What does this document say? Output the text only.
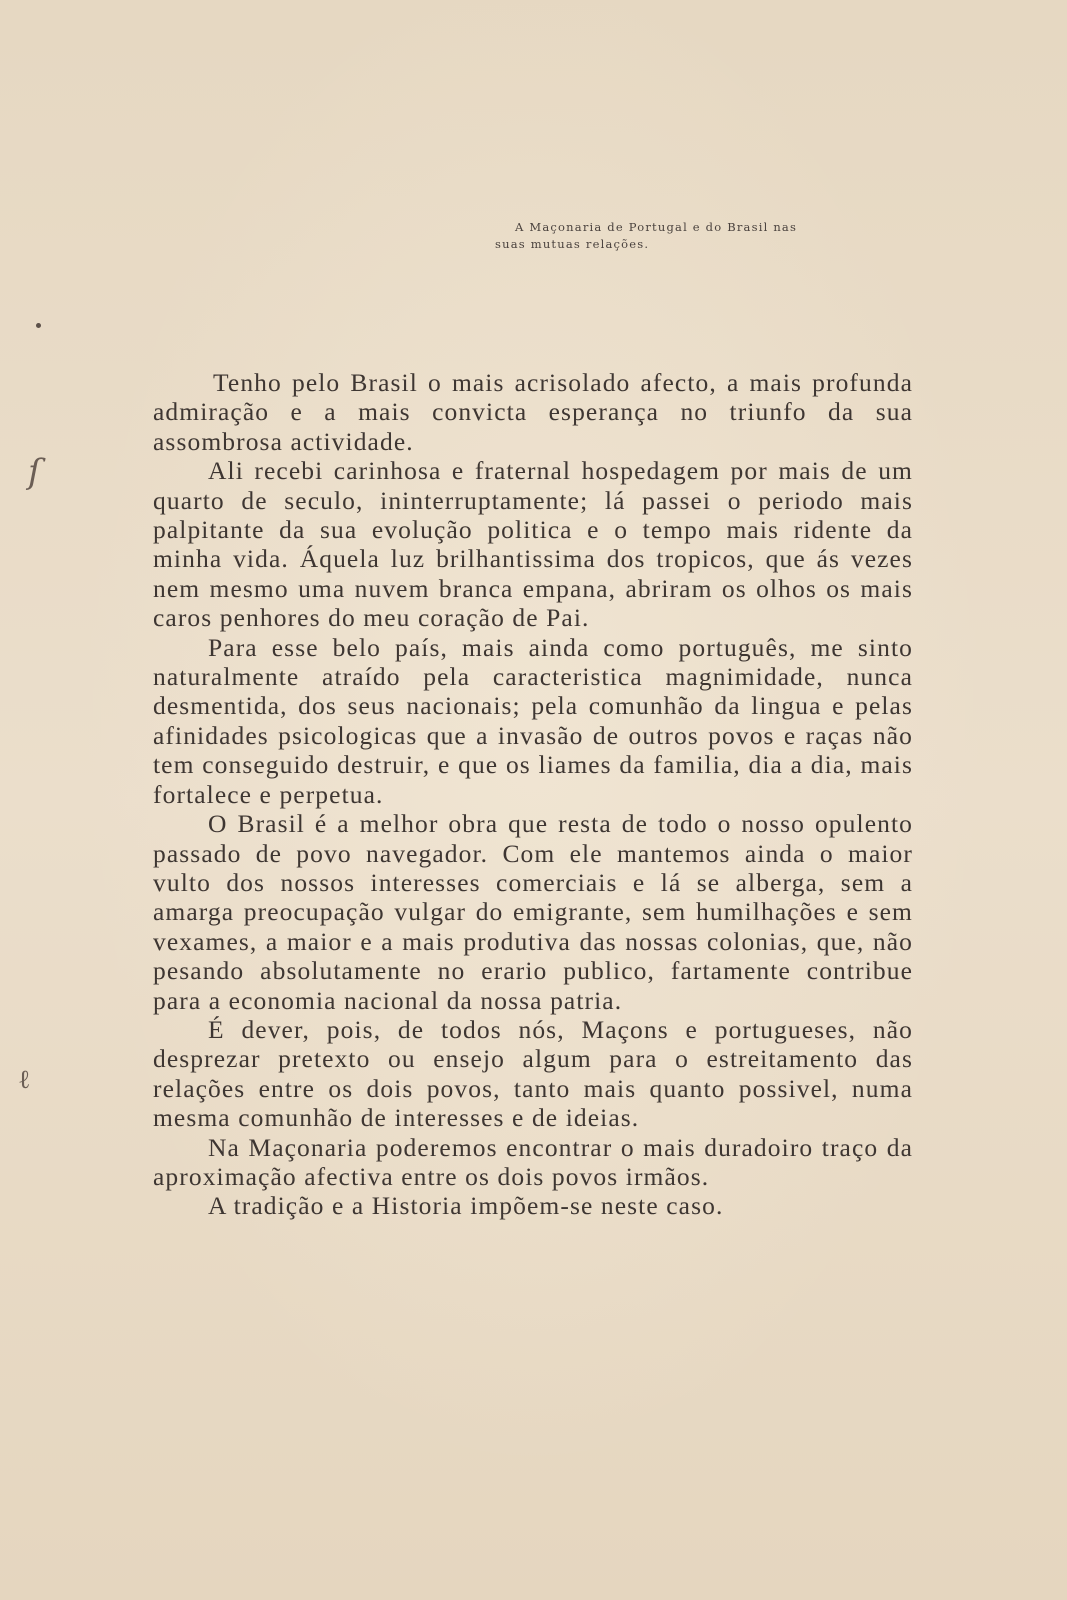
A Maçonaria de Portugal e do Brasil nas
suas mutuas relações.
ſ
ℓ

Tenho pelo Brasil o mais acrisolado afecto, a mais profunda admiração e a mais convicta esperança no triunfo da sua assombrosa actividade.

Ali recebi carinhosa e fraternal hospedagem por mais de um quarto de seculo, ininterruptamente; lá passei o periodo mais palpitante da sua evolução politica e o tempo mais ridente da minha vida. Áquela luz brilhantissima dos tropicos, que ás vezes nem mesmo uma nuvem branca empana, abriram os olhos os mais caros penhores do meu coração de Pai.

Para esse belo país, mais ainda como português, me sinto naturalmente atraído pela caracteristica magnimidade, nunca desmentida, dos seus nacionais; pela comunhão da lingua e pelas afinidades psicologicas que a invasão de outros povos e raças não tem conseguido destruir, e que os liames da familia, dia a dia, mais fortalece e perpetua.

O Brasil é a melhor obra que resta de todo o nosso opulento passado de povo navegador. Com ele mantemos ainda o maior vulto dos nossos interesses comerciais e lá se alberga, sem a amarga preocupação vulgar do emigrante, sem humilhações e sem vexames, a maior e a mais produtiva das nossas colonias, que, não pesando absolutamente no erario publico, fartamente contribue para a economia nacional da nossa patria.

É dever, pois, de todos nós, Maçons e portugueses, não desprezar pretexto ou ensejo algum para o estreitamento das relações entre os dois povos, tanto mais quanto possivel, numa mesma comunhão de interesses e de ideias.

Na Maçonaria poderemos encontrar o mais duradoiro traço da aproximação afectiva entre os dois povos irmãos.

A tradição e a Historia impõem-se neste caso.
